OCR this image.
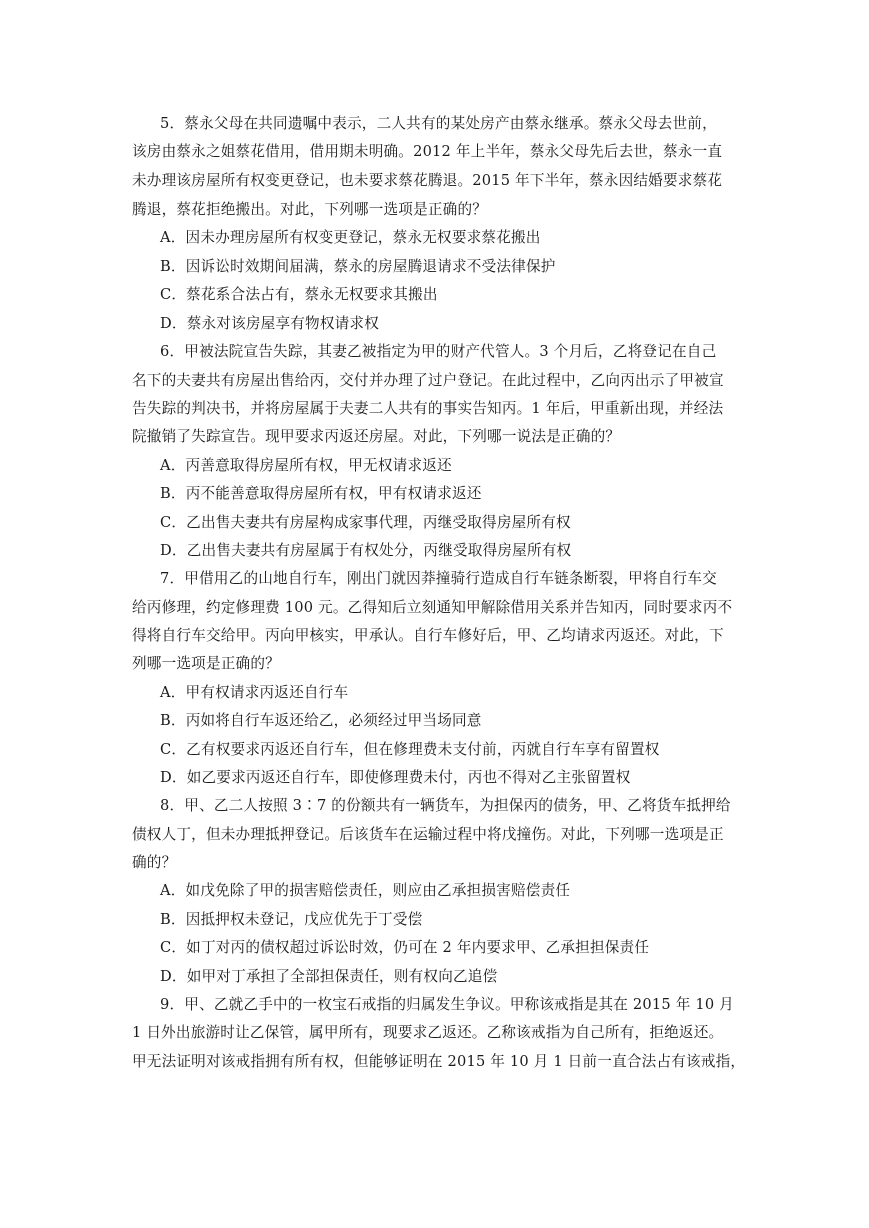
5．蔡永父母在共同遗嘱中表示，二人共有的某处房产由蔡永继承。蔡永父母去世前，
该房由蔡永之姐蔡花借用，借用期未明确。2012 年上半年，蔡永父母先后去世，蔡永一直
未办理该房屋所有权变更登记，也未要求蔡花腾退。2015 年下半年，蔡永因结婚要求蔡花
腾退，蔡花拒绝搬出。对此，下列哪一选项是正确的？
A．因未办理房屋所有权变更登记，蔡永无权要求蔡花搬出
B．因诉讼时效期间届满，蔡永的房屋腾退请求不受法律保护
C．蔡花系合法占有，蔡永无权要求其搬出
D．蔡永对该房屋享有物权请求权
6．甲被法院宣告失踪，其妻乙被指定为甲的财产代管人。3 个月后，乙将登记在自己
名下的夫妻共有房屋出售给丙，交付并办理了过户登记。在此过程中，乙向丙出示了甲被宣
告失踪的判决书，并将房屋属于夫妻二人共有的事实告知丙。1 年后，甲重新出现，并经法
院撤销了失踪宣告。现甲要求丙返还房屋。对此，下列哪一说法是正确的？
A．丙善意取得房屋所有权，甲无权请求返还
B．丙不能善意取得房屋所有权，甲有权请求返还
C．乙出售夫妻共有房屋构成家事代理，丙继受取得房屋所有权
D．乙出售夫妻共有房屋属于有权处分，丙继受取得房屋所有权
7．甲借用乙的山地自行车，刚出门就因莽撞骑行造成自行车链条断裂，甲将自行车交
给丙修理，约定修理费 100 元。乙得知后立刻通知甲解除借用关系并告知丙，同时要求丙不
得将自行车交给甲。丙向甲核实，甲承认。自行车修好后，甲、乙均请求丙返还。对此，下
列哪一选项是正确的？
A．甲有权请求丙返还自行车
B．丙如将自行车返还给乙，必须经过甲当场同意
C．乙有权要求丙返还自行车，但在修理费未支付前，丙就自行车享有留置权
D．如乙要求丙返还自行车，即使修理费未付，丙也不得对乙主张留置权
8．甲、乙二人按照 3∶7 的份额共有一辆货车，为担保丙的债务，甲、乙将货车抵押给
债权人丁，但未办理抵押登记。后该货车在运输过程中将戊撞伤。对此，下列哪一选项是正
确的？
A．如戊免除了甲的损害赔偿责任，则应由乙承担损害赔偿责任
B．因抵押权未登记，戊应优先于丁受偿
C．如丁对丙的债权超过诉讼时效，仍可在 2 年内要求甲、乙承担担保责任
D．如甲对丁承担了全部担保责任，则有权向乙追偿
9．甲、乙就乙手中的一枚宝石戒指的归属发生争议。甲称该戒指是其在 2015 年 10 月
1 日外出旅游时让乙保管，属甲所有，现要求乙返还。乙称该戒指为自己所有，拒绝返还。
甲无法证明对该戒指拥有所有权，但能够证明在 2015 年 10 月 1 日前一直合法占有该戒指，
